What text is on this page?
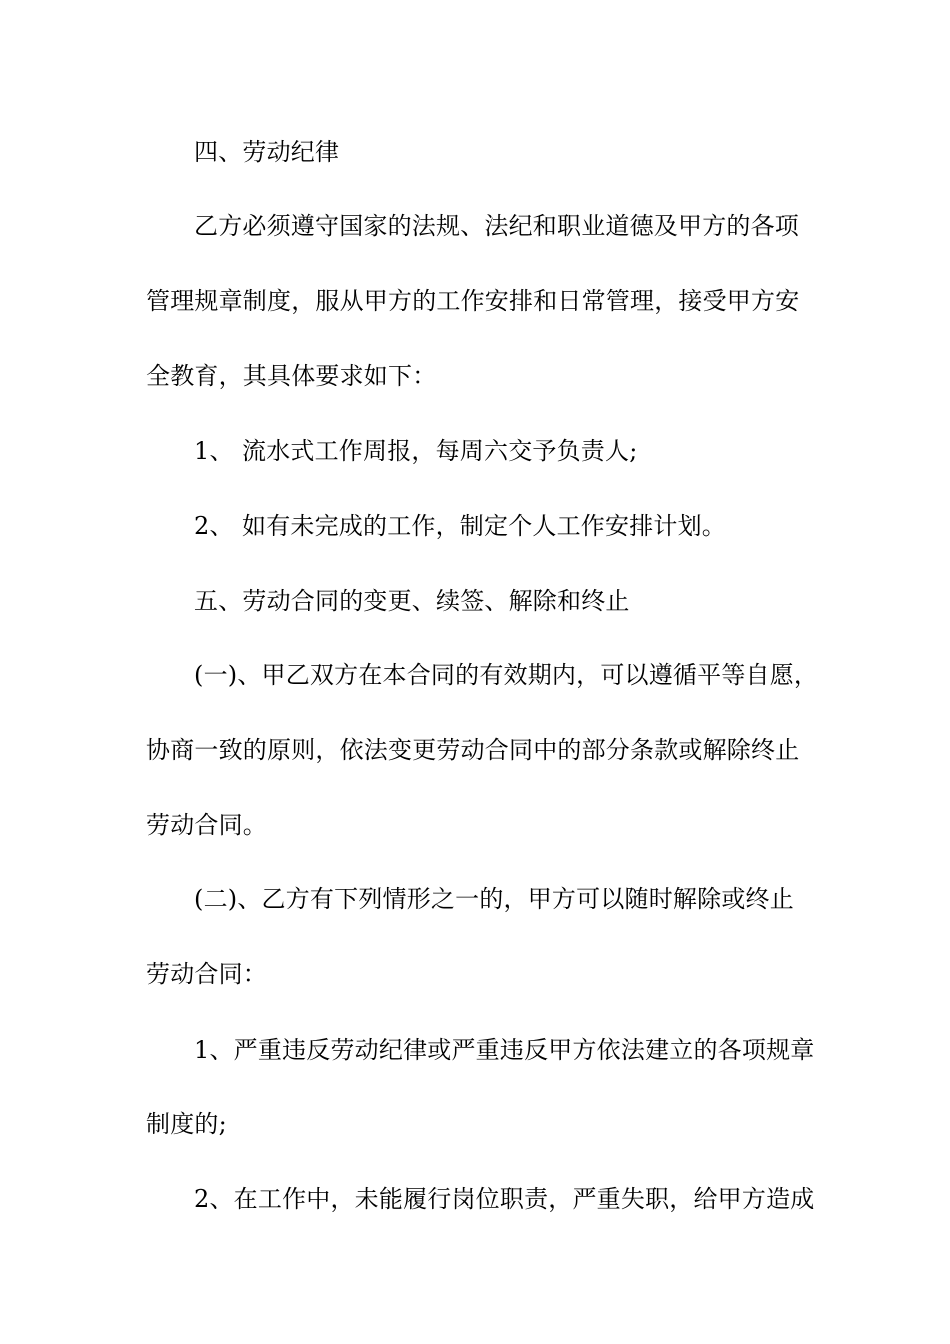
四、劳动纪律
乙方必须遵守国家的法规、法纪和职业道德及甲方的各项
管理规章制度，服从甲方的工作安排和日常管理，接受甲方安
全教育，其具体要求如下：
1、 流水式工作周报，每周六交予负责人;
2、 如有未完成的工作，制定个人工作安排计划。
五、劳动合同的变更、续签、解除和终止
(一)、甲乙双方在本合同的有效期内，可以遵循平等自愿，
协商一致的原则，依法变更劳动合同中的部分条款或解除终止
劳动合同。
(二)、乙方有下列情形之一的，甲方可以随时解除或终止
劳动合同：
1、严重违反劳动纪律或严重违反甲方依法建立的各项规章
制度的;
2、在工作中，未能履行岗位职责，严重失职，给甲方造成
